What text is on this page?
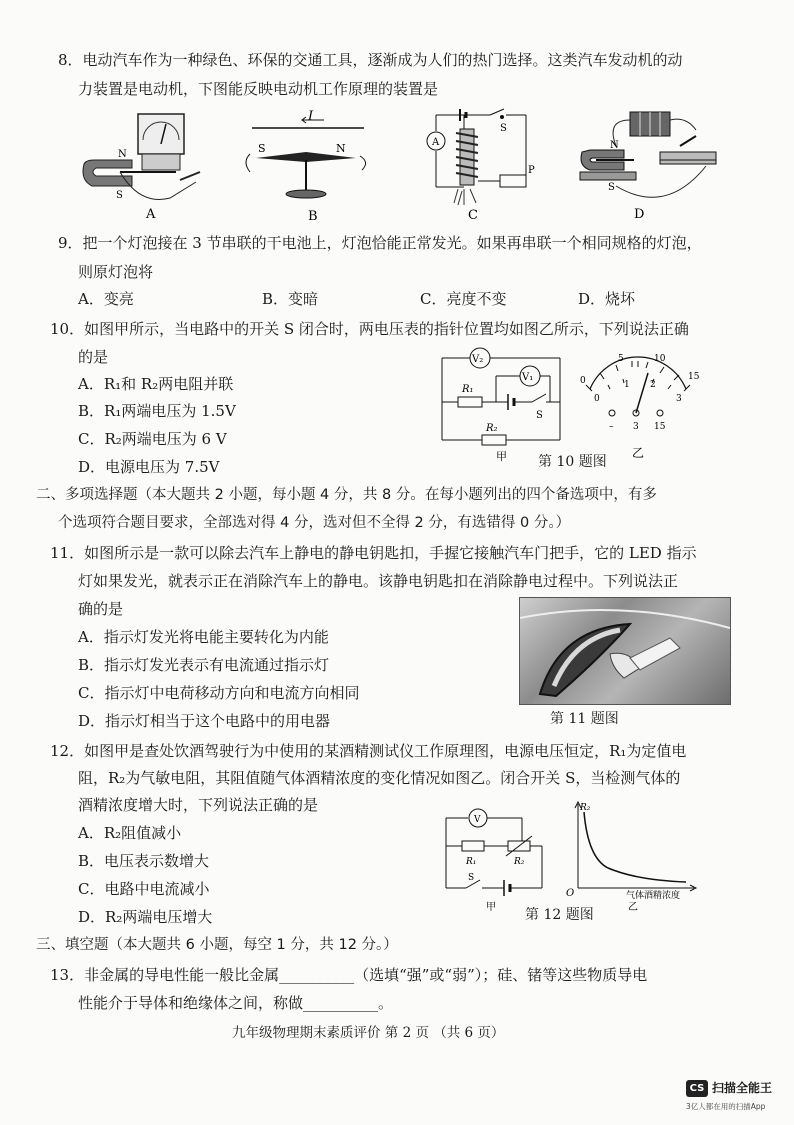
8．电动汽车作为一种绿色、环保的交通工具，逐渐成为人们的热门选择。这类汽车发动机的动
力装置是电动机，下图能反映电动机工作原理的装置是
N
S
A
I
S	N
B
A
S
P
C
N
S
D
9．把一个灯泡接在 3 节串联的干电池上，灯泡恰能正常发光。如果再串联一个相同规格的灯泡，
则原灯泡将
A．变亮	B．变暗	C．亮度不变	D．烧坏
10．如图甲所示，当电路中的开关 S 闭合时，两电压表的指针位置均如图乙所示，下列说法正确
的是
A．R₁和 R₂两电阻并联
B．R₁两端电压为 1.5V
C．R₂两端电压为 6 V
D．电源电压为 7.5V
V₂
V₁
R₁
R₂
S
甲 第 10 题图
0
5	10
15
0
1 2
3
– 3 15
乙
二、多项选择题（本大题共 2 小题，每小题 4 分，共 8 分。在每小题列出的四个备选项中，有多
个选项符合题目要求，全部选对得 4 分，选对但不全得 2 分，有选错得 0 分。）
11．如图所示是一款可以除去汽车上静电的静电钥匙扣，手握它接触汽车门把手，它的 LED 指示
灯如果发光，就表示正在消除汽车上的静电。该静电钥匙扣在消除静电过程中。下列说法正
确的是
A．指示灯发光将电能主要转化为内能
B．指示灯发光表示有电流通过指示灯
C．指示灯中电荷移动方向和电流方向相同
D．指示灯相当于这个电路中的用电器	第 11 题图
12．如图甲是查处饮酒驾驶行为中使用的某酒精测试仪工作原理图，电源电压恒定，R₁为定值电
阻，R₂为气敏电阻，其阻值随气体酒精浓度的变化情况如图乙。闭合开关 S，当检测气体的
酒精浓度增大时，下列说法正确的是
A．R₂阻值减小
B．电压表示数增大
C．电路中电流减小
D．R₂两端电压增大
V
R₁	R₂
S
甲 第 12 题图
R₂
O	气体酒精浓度
乙
三、填空题（本大题共 6 小题，每空 1 分，共 12 分。）
13．非金属的导电性能一般比金属__________（选填“强”或“弱”）；硅、锗等这些物质导电
性能介于导体和绝缘体之间，称做__________。
九年级物理期末素质评价 第 2 页 （共 6 页）
CS 扫描全能王
3亿人都在用的扫描App
